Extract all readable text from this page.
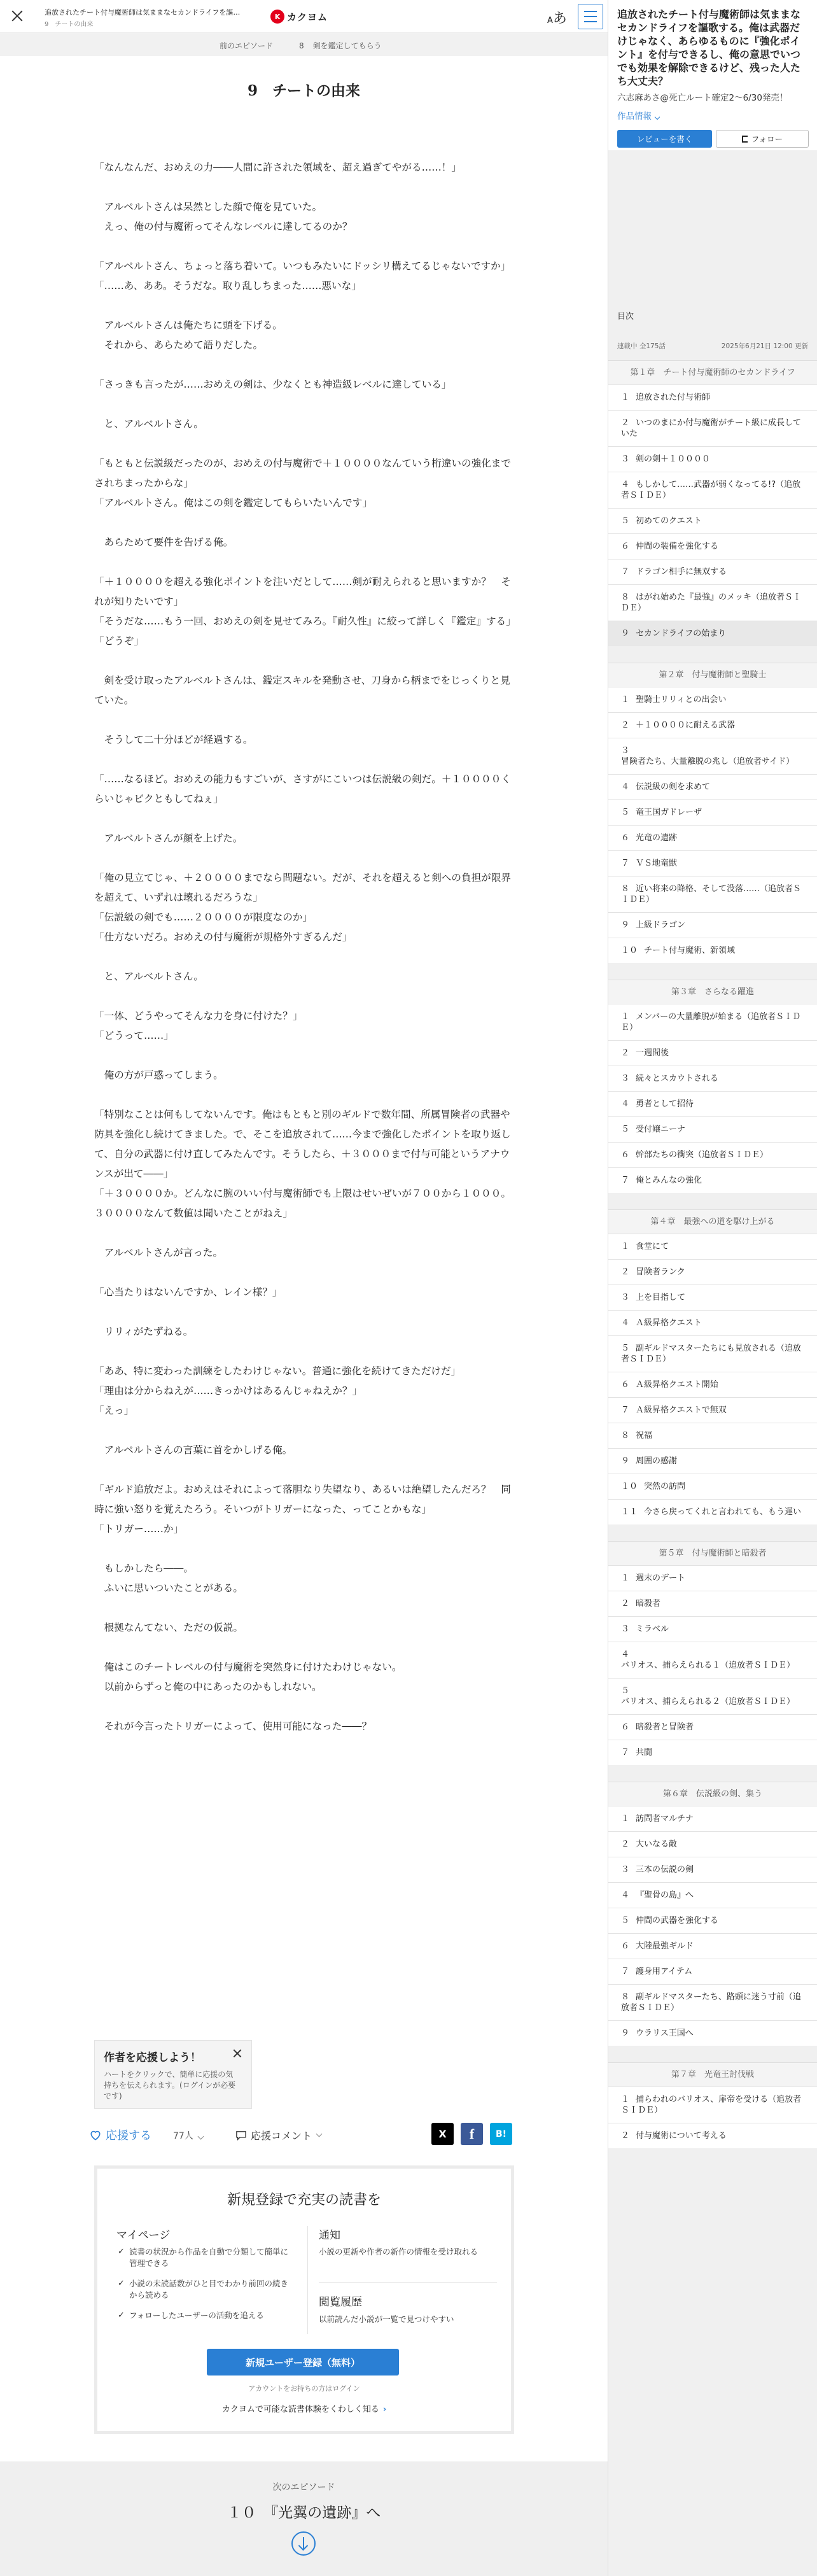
追放されたチート付与魔術師は気ままなセカンドライフを謳…
9 チートの由来
K カクヨム	Aあ
前のエピソード	8 剣を鑑定してもらう
9　チートの由来

「なんなんだ、おめえの力――人間に許された領域を、超え過ぎてやがる……！」

　アルベルトさんは呆然とした顔で俺を見ていた。

　えっ、俺の付与魔術ってそんなレベルに達してるのか？

「アルベルトさん、ちょっと落ち着いて。いつもみたいにドッシリ構えてるじゃないですか」

「……あ、ああ。そうだな。取り乱しちまった……悪いな」

　アルベルトさんは俺たちに頭を下げる。

　それから、あらためて語りだした。

「さっきも言ったが……おめえの剣は、少なくとも神造級レベルに達している」

　と、アルベルトさん。

「もともと伝説級だったのが、おめえの付与魔術で＋１００００なんていう桁違いの強化までされちまったからな」

「アルベルトさん。俺はこの剣を鑑定してもらいたいんです」

　あらためて要件を告げる俺。

「＋１００００を超える強化ポイントを注いだとして……剣が耐えられると思いますか？　それが知りたいです」

「そうだな……もう一回、おめえの剣を見せてみろ。『耐久性』に絞って詳しく『鑑定』する」

「どうぞ」

　剣を受け取ったアルベルトさんは、鑑定スキルを発動させ、刀身から柄までをじっくりと見ていた。

　そうして二十分ほどが経過する。

「……なるほど。おめえの能力もすごいが、さすがにこいつは伝説級の剣だ。＋１００００くらいじゃビクともしてねぇ」

　アルベルトさんが顔を上げた。

「俺の見立てじゃ、＋２００００までなら問題ない。だが、それを超えると剣への負担が限界を超えて、いずれは壊れるだろうな」

「伝説級の剣でも……２００００が限度なのか」

「仕方ないだろ。おめえの付与魔術が規格外すぎるんだ」

　と、アルベルトさん。

「一体、どうやってそんな力を身に付けた？」

「どうって……」

　俺の方が戸惑ってしまう。

「特別なことは何もしてないんです。俺はもともと別のギルドで数年間、所属冒険者の武器や防具を強化し続けてきました。で、そこを追放されて……今まで強化したポイントを取り返して、自分の武器に付け直してみたんです。そうしたら、＋３０００まで付与可能というアナウンスが出て――」

「＋３００００か。どんなに腕のいい付与魔術師でも上限はせいぜいが７００から１０００。３００００なんて数値は聞いたことがねえ」

　アルベルトさんが言った。

「心当たりはないんですか、レイン様？」

　リリィがたずねる。

「ああ、特に変わった訓練をしたわけじゃない。普通に強化を続けてきただけだ」

「理由は分からねえが……きっかけはあるんじゃねえか？」

「えっ」

　アルベルトさんの言葉に首をかしげる俺。

「ギルド追放だよ。おめえはそれによって落胆なり失望なり、あるいは絶望したんだろ？　同時に強い怒りを覚えたろう。そいつがトリガーになった、ってことかもな」

「トリガー……か」

　もしかしたら――。

　ふいに思いついたことがある。

　根拠なんてない、ただの仮説。

　俺はこのチートレベルの付与魔術を突然身に付けたわけじゃない。

　以前からずっと俺の中にあったのかもしれない。

　それが今言ったトリガーによって、使用可能になった――？

作者を応援しよう！
ハートをクリックで、簡単に応援の気持ちを伝えられます。(ログインが必要です)
応援する 77人	応援コメント	X	f	B!
新規登録で充実の読書を
マイページ
✓ 読書の状況から作品を自動で分類して簡単に管理できる
✓ 小説の未読話数がひと目でわかり前回の続きから読める
✓ フォローしたユーザーの活動を追える
通知
小説の更新や作者の新作の情報を受け取れる
閲覧履歴
以前読んだ小説が一覧で見つけやすい
新規ユーザー登録（無料）
アカウントをお持ちの方はログイン
カクヨムで可能な読書体験をくわしく知る ›
次のエピソード
１０　『光翼の遺跡』へ
追放されたチート付与魔術師は気ままなセカンドライフを謳歌する。俺は武器だけじゃなく、あらゆるものに『強化ポイント』を付与できるし、俺の意思でいつでも効果を解除できるけど、残った人たち大丈夫？
六志麻あさ@死亡ルート確定2〜6/30発売！
作品情報
レビューを書く	フォロー
目次
連載中 全175話	2025年6月21日 12:00 更新
第１章　チート付与魔術師のセカンドライフ
１ 追放された付与術師
２ いつのまにか付与魔術がチート級に成長していた
３ 剣の剣＋１００００
４ もしかして……武器が弱くなってる!?（追放者ＳＩＤＥ）
５ 初めてのクエスト
６ 仲間の装備を強化する
７ ドラゴン相手に無双する
８ はがれ始めた『最強』のメッキ（追放者ＳＩＤＥ）
９ セカンドライフの始まり
第２章　付与魔術師と聖騎士
１ 聖騎士リリィとの出会い
２ ＋１００００に耐える武器
３冒険者たち、大量離脱の兆し（追放者サイド）
４ 伝説級の剣を求めて
５ 竜王国ガドレーザ
６ 光竜の遺跡
７ ＶＳ地竜獣
８ 近い将来の降格、そして没落……（追放者ＳＩＤＥ）
９ 上級ドラゴン
１０ チート付与魔術、新領域
第３章　さらなる躍進
１ メンバーの大量離脱が始まる（追放者ＳＩＤＥ）
２ 一週間後
３ 続々とスカウトされる
４ 勇者として招待
５ 受付嬢ニーナ
６ 幹部たちの衝突（追放者ＳＩＤＥ）
７ 俺とみんなの強化
第４章　最強への道を駆け上がる
１ 食堂にて
２ 冒険者ランク
３ 上を目指して
４ Ａ級昇格クエスト
５ 副ギルドマスターたちにも見放される（追放者ＳＩＤＥ）
６ Ａ級昇格クエスト開始
７ Ａ級昇格クエストで無双
８ 祝福
９ 周囲の感謝
１０ 突然の訪問
１１ 今さら戻ってくれと言われても、もう遅い
第５章　付与魔術師と暗殺者
１ 週末のデート
２ 暗殺者
３ ミラベル
４バリオス、捕らえられる１（追放者ＳＩＤＥ）
５バリオス、捕らえられる２（追放者ＳＩＤＥ）
６ 暗殺者と冒険者
７ 共闘
第６章　伝説級の剣、集う
１ 訪問者マルチナ
２ 大いなる敵
３ 三本の伝説の剣
４ 『聖骨の島』へ
５ 仲間の武器を強化する
６ 大陸最強ギルド
７ 護身用アイテム
８ 副ギルドマスターたち、路頭に迷う寸前（追放者ＳＩＤＥ）
９ ウラリス王国へ
第７章　光竜王討伐戦
１ 捕らわれのバリオス、扉帝を受ける（追放者ＳＩＤＥ）
２ 付与魔術について考える
